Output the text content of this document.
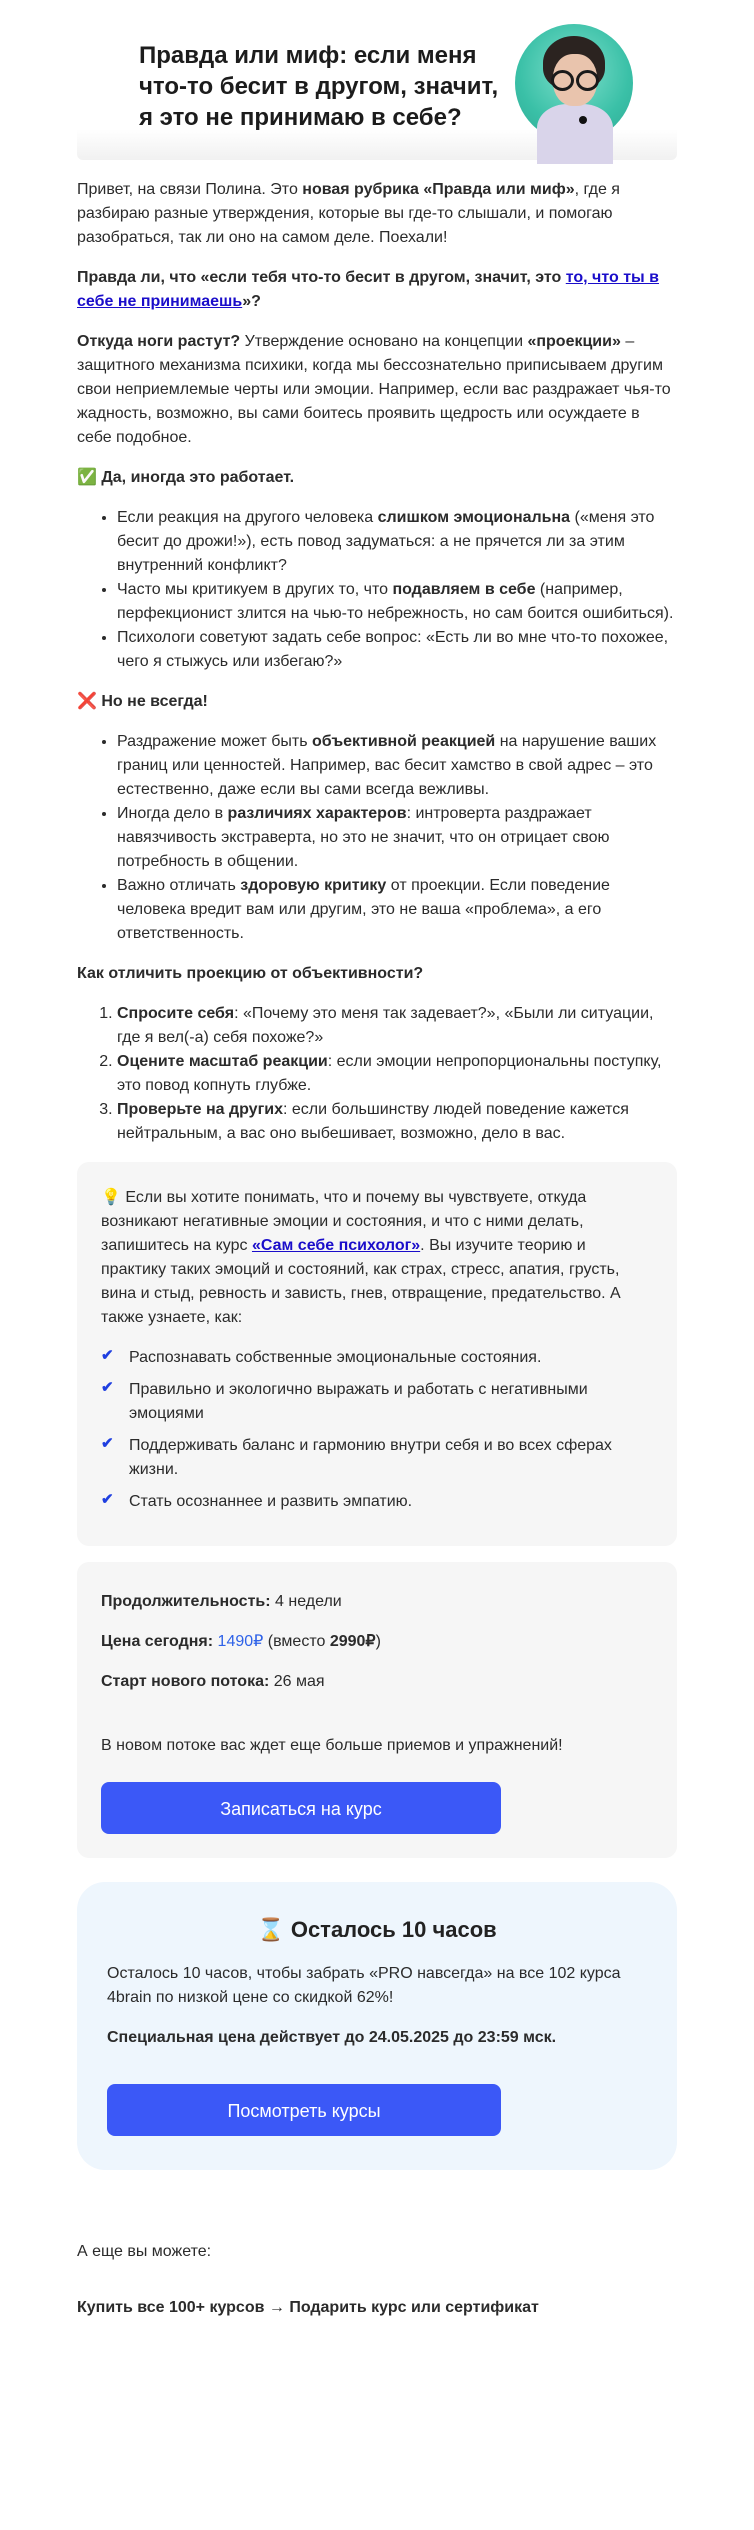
Правда или миф: если меня что-то бесит в другом, значит, я это не принимаю в себе?

Привет, на связи Полина. Это новая рубрика «Правда или миф», где я разбираю разные утверждения, которые вы где-то слышали, и помогаю разобраться, так ли оно на самом деле. Поехали!

Правда ли, что «если тебя что-то бесит в другом, значит, это то, что ты в себе не принимаешь»?

Откуда ноги растут? Утверждение основано на концепции «проекции» – защитного механизма психики, когда мы бессознательно приписываем другим свои неприемлемые черты или эмоции. Например, если вас раздражает чья-то жадность, возможно, вы сами боитесь проявить щедрость или осуждаете в себе подобное.

✅ Да, иногда это работает.

• Если реакция на другого человека слишком эмоциональна («меня это бесит до дрожи!»), есть повод задуматься: а не прячется ли за этим внутренний конфликт?
• Часто мы критикуем в других то, что подавляем в себе (например, перфекционист злится на чью-то небрежность, но сам боится ошибиться).
• Психологи советуют задать себе вопрос: «Есть ли во мне что-то похожее, чего я стыжусь или избегаю?»

❌ Но не всегда!

• Раздражение может быть объективной реакцией на нарушение ваших границ или ценностей. Например, вас бесит хамство в свой адрес – это естественно, даже если вы сами всегда вежливы.
• Иногда дело в различиях характеров: интроверта раздражает навязчивость экстраверта, но это не значит, что он отрицает свою потребность в общении.
• Важно отличать здоровую критику от проекции. Если поведение человека вредит вам или другим, это не ваша «проблема», а его ответственность.

Как отличить проекцию от объективности?

1. Спросите себя: «Почему это меня так задевает?», «Были ли ситуации, где я вел(-а) себя похоже?»
2. Оцените масштаб реакции: если эмоции непропорциональны поступку, это повод копнуть глубже.
3. Проверьте на других: если большинству людей поведение кажется нейтральным, а вас оно выбешивает, возможно, дело в вас.
💡 Если вы хотите понимать, что и почему вы чувствуете, откуда возникают негативные эмоции и состояния, и что с ними делать, запишитесь на курс «Сам себе психолог». Вы изучите теорию и практику таких эмоций и состояний, как страх, стресс, апатия, грусть, вина и стыд, ревность и зависть, гнев, отвращение, предательство. А также узнаете, как:
✔ Распознавать собственные эмоциональные состояния.
✔ Правильно и экологично выражать и работать с негативными эмоциями
✔ Поддерживать баланс и гармонию внутри себя и во всех сферах жизни.
✔ Стать осознаннее и развить эмпатию.

Продолжительность: 4 недели

Цена сегодня: 1490₽ (вместо 2990₽)

Старт нового потока: 26 мая

В новом потоке вас ждет еще больше приемов и упражнений!

Записаться на курс
⌛ Осталось 10 часов

Осталось 10 часов, чтобы забрать «PRO навсегда» на все 102 курса 4brain по низкой цене со скидкой 62%!

Специальная цена действует до 24.05.2025 до 23:59 мск.

Посмотреть курсы
А еще вы можете:
Купить все 100+ курсов → Подарить курс или сертификат
